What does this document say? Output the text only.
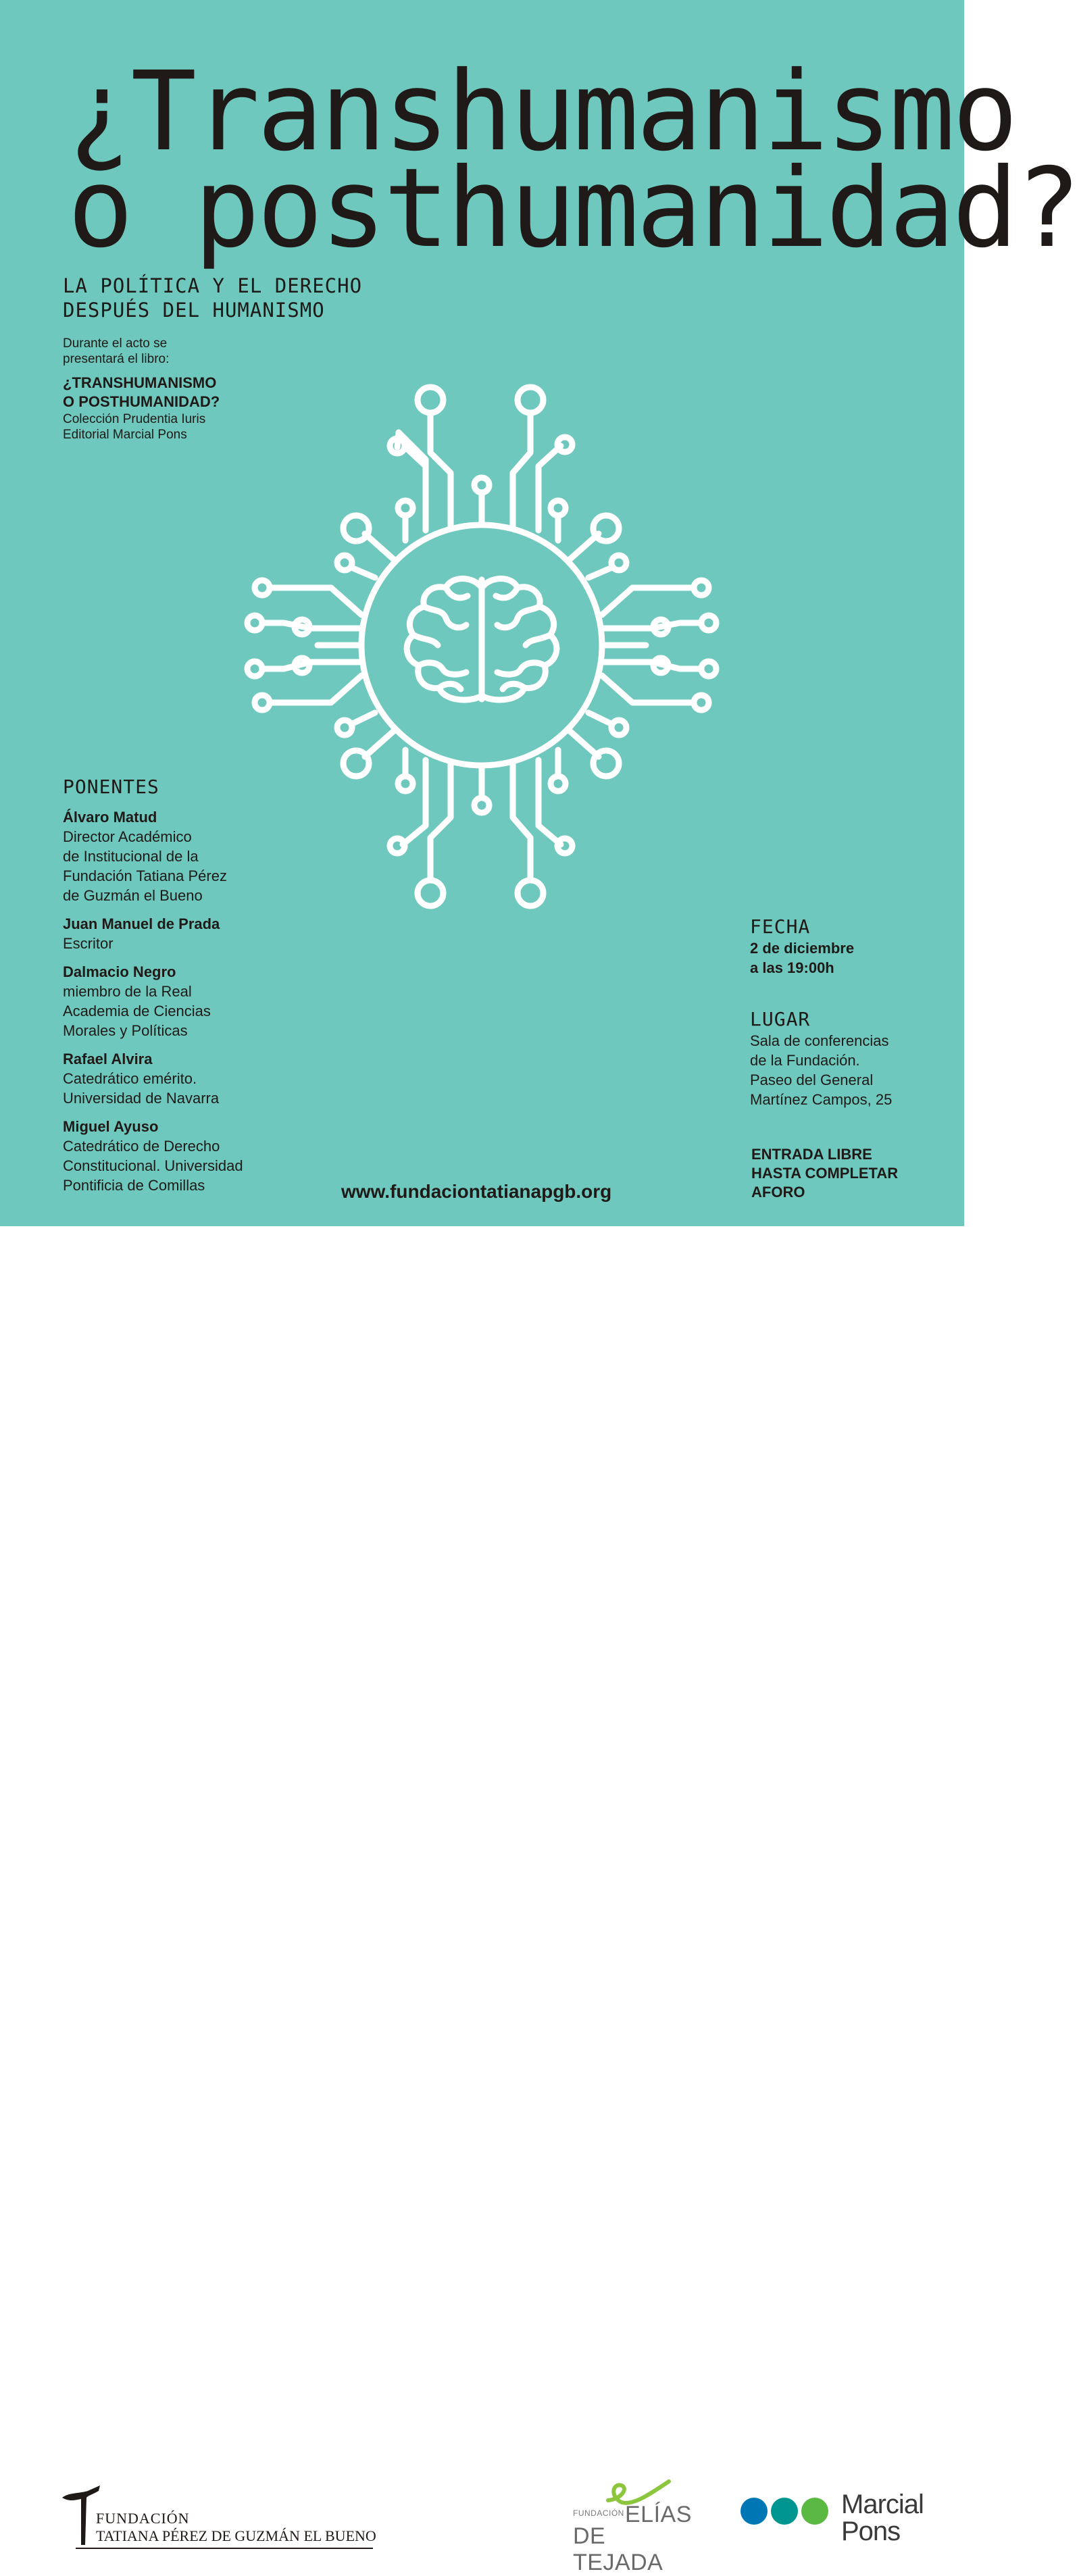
¿Transhumanismo
o posthumanidad?
LA POLÍTICA Y EL DERECHO
DESPUÉS DEL HUMANISMO
Durante el acto se
presentará el libro:
¿TRANSHUMANISMO
O POSTHUMANIDAD?
Colección Prudentia Iuris
Editorial Marcial Pons
PONENTES
Álvaro Matud
Director Académico
de Institucional de la
Fundación Tatiana Pérez
de Guzmán el Bueno
Juan Manuel de Prada
Escritor
Dalmacio Negro
miembro de la Real
Academia de Ciencias
Morales y Políticas
Rafael Alvira
Catedrático emérito.
Universidad de Navarra
Miguel Ayuso
Catedrático de Derecho
Constitucional. Universidad
Pontificia de Comillas
FECHA
2 de diciembre
a las 19:00h
LUGAR
Sala de conferencias
de la Fundación.
Paseo del General
Martínez Campos, 25
ENTRADA LIBRE
HASTA COMPLETAR
AFORO
www.fundaciontatianapgb.org
FUNDACIÓN
TATIANA PÉREZ DE GUZMÁN EL BUENO
FUNDACIÓN ELÍAS
DE TEJADA
Marcial
Pons
